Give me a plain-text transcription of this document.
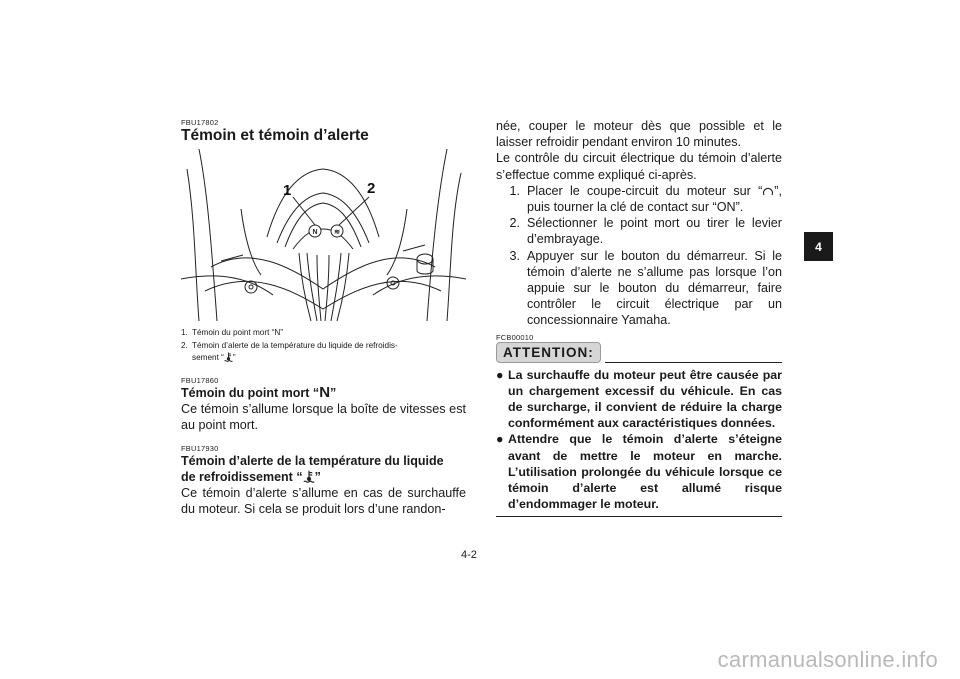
FBU17802
Témoin et témoin d’alerte
N ≋
1	2
1. Témoin du point mort “N”
2. Témoin d’alerte de la température du liquide de refroidis-
sement “ ”
FBU17860
Témoin du point mort “N”
Ce témoin s’allume lorsque la boîte de vitesses est au point mort.
FBU17930
Témoin d’alerte de la température du liquide
de refroidissement “ ”
Ce témoin d’alerte s’allume en cas de surchauffe du moteur. Si cela se produit lors d’une randon-
née, couper le moteur dès que possible et le laisser refroidir pendant environ 10 minutes.
Le contrôle du circuit électrique du témoin d’alerte s’effectue comme expliqué ci-après.
1. Placer le coupe-circuit du moteur sur “ ”, puis tourner la clé de contact sur “ON”.
2. Sélectionner le point mort ou tirer le levier d’embrayage.
3. Appuyer sur le bouton du démarreur. Si le témoin d’alerte ne s’allume pas lorsque l’on appuie sur le bouton du démarreur, faire contrôler le circuit électrique par un concessionnaire Yamaha.
FCB00010
ATTENTION:
● La surchauffe du moteur peut être causée par un chargement excessif du véhicule. En cas de surcharge, il convient de réduire la charge conformément aux caractéristiques données.
● Attendre que le témoin d’alerte s’éteigne avant de mettre le moteur en marche. L’utilisation prolongée du véhicule lorsque ce témoin d’alerte est allumé risque d’endommager le moteur.
4
4-2
carmanualsonline.info
